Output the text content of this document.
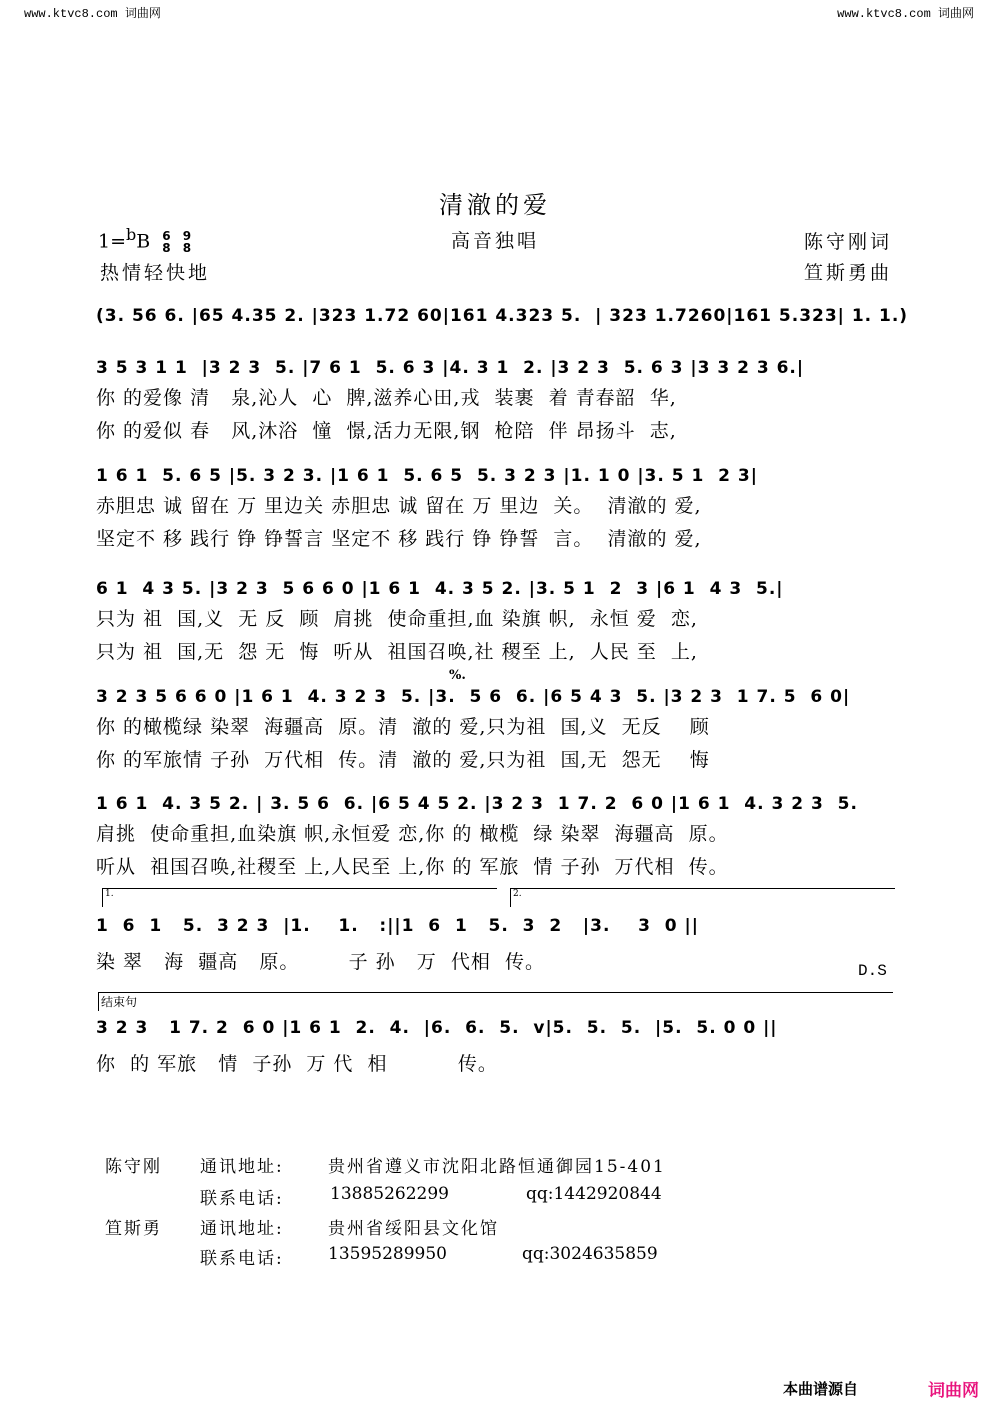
www.ktvc8.com 词曲网	www.ktvc8.com 词曲网
清澈的爱
高音独唱
1=$^b$B 6
8 9
8
热情轻快地
陈守刚词
笪斯勇曲
(3. 56 6. |65 4.35 2. |323 1.72 60|161 4.323 5.  | 323 1.7260|161 5.323| 1. 1.)
3 5 3 1 1  |3 2 3  5. |7 6 1  5. 6 3 |4. 3 1  2. |3 2 3  5. 6 3 |3 3 2 3 6.|
你 的爱像 清   泉,沁人  心  脾,滋养心田,戎  装裹  着 青春韶  华,
你 的爱似 春   风,沐浴  憧  憬,活力无限,钢  枪陪  伴 昂扬斗  志,
1 6 1  5. 6 5 |5. 3 2 3. |1 6 1  5. 6 5  5. 3 2 3 |1. 1 0 |3. 5 1  2 3|
赤胆忠 诚 留在 万 里边关 赤胆忠 诚 留在 万 里边  关。  清澈的 爱,
坚定不 移 践行 铮 铮誓言 坚定不 移 践行 铮 铮誓  言。  清澈的 爱,
6 1  4 3 5. |3 2 3  5 6 6 0 |1 6 1  4. 3 5 2. |3. 5 1  2  3 |6 1  4 3  5.|
只为 祖  国,义  无 反  顾  肩挑  使命重担,血 染旗 帜,  永恒 爱  恋,
只为 祖  国,无  怨 无  悔  听从  祖国召唤,社 稷至 上,  人民 至  上,
3 2 3 5 6 6 0 |1 6 1  4. 3 2 3  5. |3.  5 6  6. |6 5 4 3  5. |3 2 3  1 7. 5  6 0|
你 的橄榄绿 染翠  海疆高  原。清  澈的 爱,只为祖  国,义  无反    顾
你 的军旅情 子孙  万代相  传。清  澈的 爱,只为祖  国,无  怨无    悔
%.
1 6 1  4. 3 5 2. | 3. 5 6  6. |6 5 4 5 2. |3 2 3  1 7. 2  6 0 |1 6 1  4. 3 2 3  5.
肩挑  使命重担,血染旗 帜,永恒爱 恋,你 的 橄榄  绿 染翠  海疆高  原。
听从  祖国召唤,社稷至 上,人民至 上,你 的 军旅  情 子孙  万代相  传。
1.	2.
1  6  1   5.  3 2 3  |1.    1.   :||1  6  1   5.  3  2   |3.    3  0 ||
染 翠   海  疆高   原。       子 孙   万  代相  传。	D.S
结束句
3 2 3   1 7. 2  6 0 |1 6 1  2.  4.  |6.  6.  5.  v|5.  5.  5.  |5.  5. 0 0 ||
你  的 军旅   情  子孙  万 代  相          传。
陈守刚 通讯地址:	贵州省遵义市沈阳北路恒通御园15-401
联系电话:	13885262299	qq:1442920844
笪斯勇 通讯地址:	贵州省绥阳县文化馆
联系电话:	13595289950	qq:3024635859
本曲谱源自	词曲网
